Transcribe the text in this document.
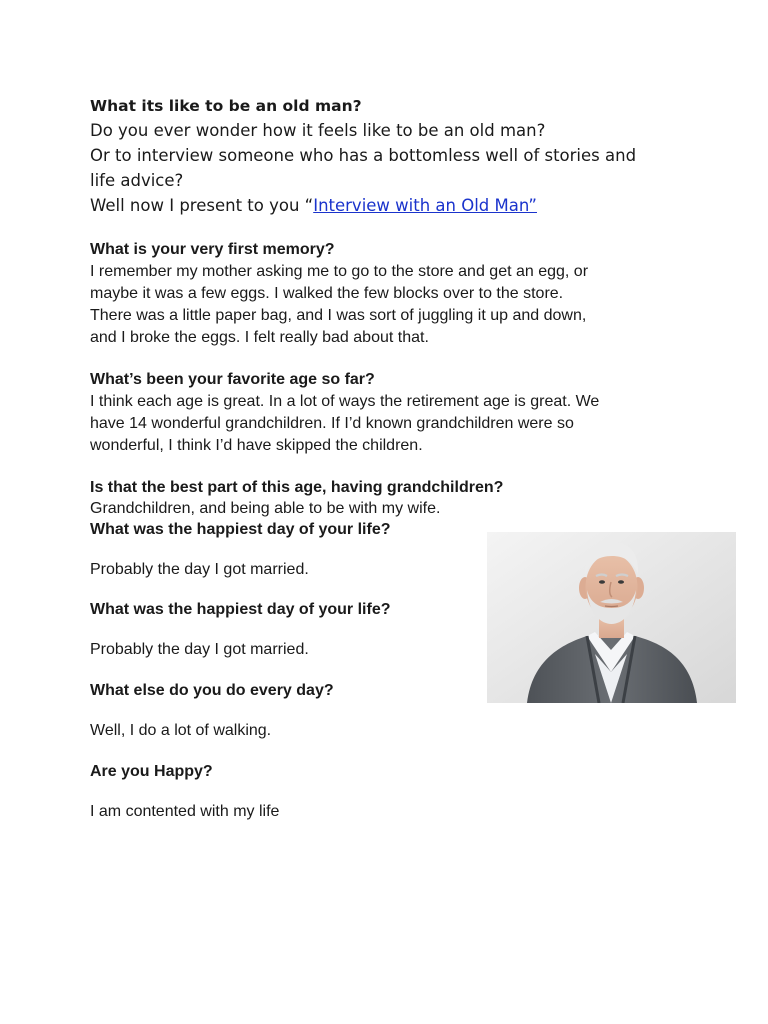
What its like to be an old man?
Do you ever wonder how it feels like to be an old man?
Or to interview someone who has a bottomless well of stories and
life advice?
Well now I present to you “Interview with an Old Man”
What is your very first memory?
I remember my mother asking me to go to the store and get an egg, or
maybe it was a few eggs. I walked the few blocks over to the store.
There was a little paper bag, and I was sort of juggling it up and down,
and I broke the eggs. I felt really bad about that.
What’s been your favorite age so far?
I think each age is great. In a lot of ways the retirement age is great. We
have 14 wonderful grandchildren. If I’d known grandchildren were so
wonderful, I think I’d have skipped the children.
Is that the best part of this age, having grandchildren?
Grandchildren, and being able to be with my wife.
What was the happiest day of your life?
Probably the day I got married.
What was the happiest day of your life?
Probably the day I got married.
What else do you do every day?
Well, I do a lot of walking.
Are you Happy?
I am contented with my life
